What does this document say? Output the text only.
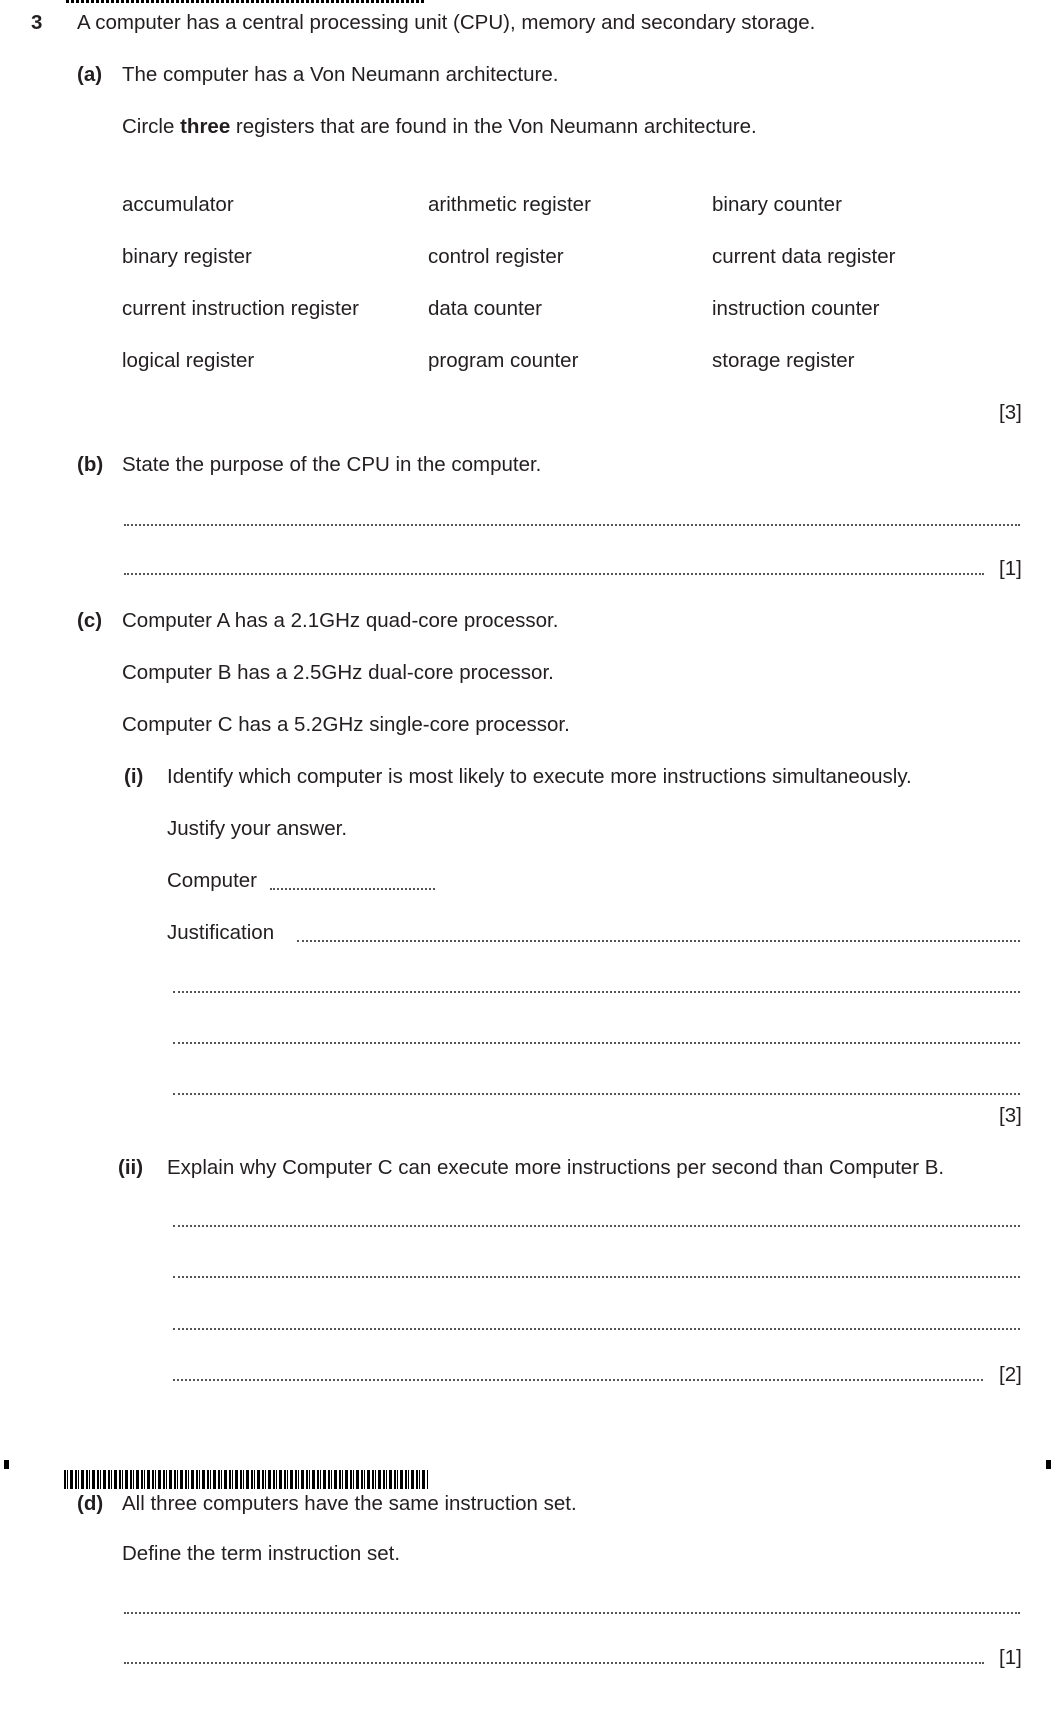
3 A computer has a central processing unit (CPU), memory and secondary storage.
(a) The computer has a Von Neumann architecture.
Circle three registers that are found in the Von Neumann architecture.
accumulator	arithmetic register	binary counter
binary register	control register	current data register
current instruction register	data counter	instruction counter
logical register	program counter	storage register
[3]
(b) State the purpose of the CPU in the computer.
[1]
(c) Computer A has a 2.1GHz quad-core processor.
Computer B has a 2.5GHz dual-core processor.
Computer C has a 5.2GHz single-core processor.
(i) Identify which computer is most likely to execute more instructions simultaneously.
Justify your answer.
Computer
Justification
[3]
(ii) Explain why Computer C can execute more instructions per second than Computer B.
[2]
(d) All three computers have the same instruction set.
Define the term instruction set.
[1]
